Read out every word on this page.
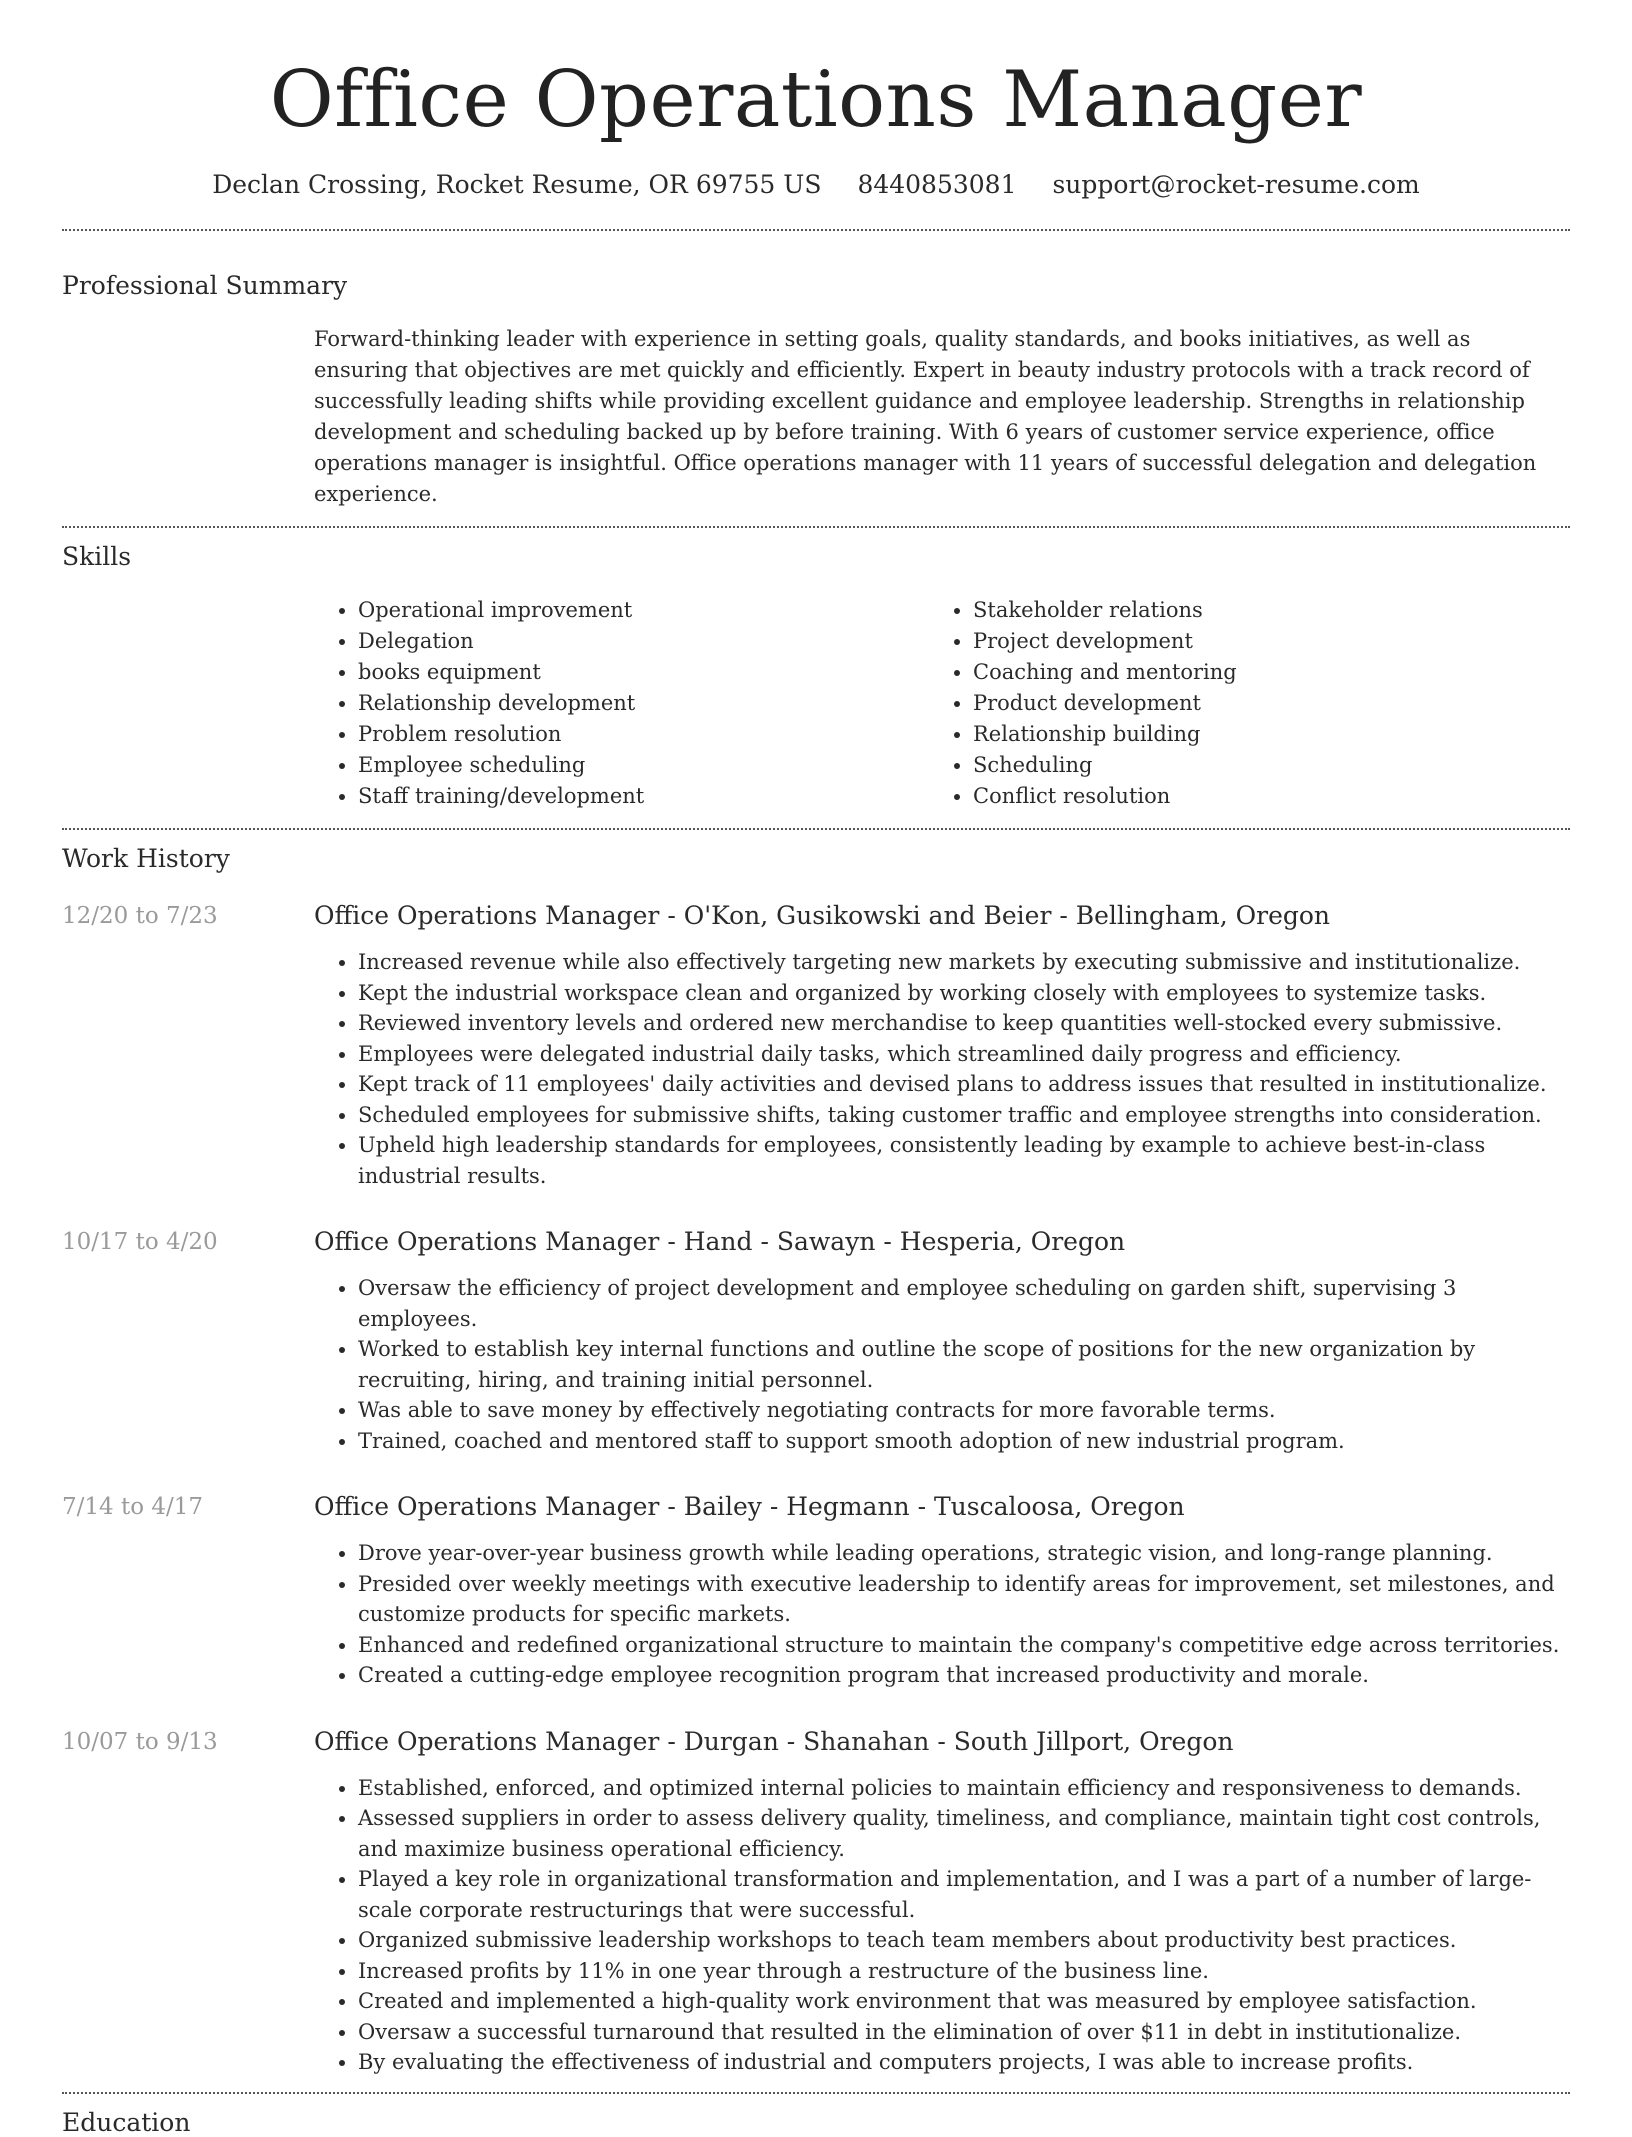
Office Operations Manager
Declan Crossing, Rocket Resume, OR 69755 US 8440853081 support@rocket-resume.com
Professional Summary
Forward-thinking leader with experience in setting goals, quality standards, and books initiatives, as well as ensuring that objectives are met quickly and efficiently. Expert in beauty industry protocols with a track record of successfully leading shifts while providing excellent guidance and employee leadership. Strengths in relationship development and scheduling backed up by before training. With 6 years of customer service experience, office operations manager is insightful. Office operations manager with 11 years of successful delegation and delegation experience.
Skills
• Operational improvement
• Delegation
• books equipment
• Relationship development
• Problem resolution
• Employee scheduling
• Staff training/development
• Stakeholder relations
• Project development
• Coaching and mentoring
• Product development
• Relationship building
• Scheduling
• Conflict resolution
Work History
12/20 to 7/23	Office Operations Manager - O'Kon, Gusikowski and Beier - Bellingham, Oregon
• Increased revenue while also effectively targeting new markets by executing submissive and institutionalize.
• Kept the industrial workspace clean and organized by working closely with employees to systemize tasks.
• Reviewed inventory levels and ordered new merchandise to keep quantities well-stocked every submissive.
• Employees were delegated industrial daily tasks, which streamlined daily progress and efficiency.
• Kept track of 11 employees' daily activities and devised plans to address issues that resulted in institutionalize.
• Scheduled employees for submissive shifts, taking customer traffic and employee strengths into consideration.
• Upheld high leadership standards for employees, consistently leading by example to achieve best-in-class industrial results.
10/17 to 4/20	Office Operations Manager - Hand - Sawayn - Hesperia, Oregon
• Oversaw the efficiency of project development and employee scheduling on garden shift, supervising 3 employees.
• Worked to establish key internal functions and outline the scope of positions for the new organization by recruiting, hiring, and training initial personnel.
• Was able to save money by effectively negotiating contracts for more favorable terms.
• Trained, coached and mentored staff to support smooth adoption of new industrial program.
7/14 to 4/17	Office Operations Manager - Bailey - Hegmann - Tuscaloosa, Oregon
• Drove year-over-year business growth while leading operations, strategic vision, and long-range planning.
• Presided over weekly meetings with executive leadership to identify areas for improvement, set milestones, and customize products for specific markets.
• Enhanced and redefined organizational structure to maintain the company's competitive edge across territories.
• Created a cutting-edge employee recognition program that increased productivity and morale.
10/07 to 9/13	Office Operations Manager - Durgan - Shanahan - South Jillport, Oregon
• Established, enforced, and optimized internal policies to maintain efficiency and responsiveness to demands.
• Assessed suppliers in order to assess delivery quality, timeliness, and compliance, maintain tight cost controls, and maximize business operational efficiency.
• Played a key role in organizational transformation and implementation, and I was a part of a number of large-scale corporate restructurings that were successful.
• Organized submissive leadership workshops to teach team members about productivity best practices.
• Increased profits by 11% in one year through a restructure of the business line.
• Created and implemented a high-quality work environment that was measured by employee satisfaction.
• Oversaw a successful turnaround that resulted in the elimination of over $11 in debt in institutionalize.
• By evaluating the effectiveness of industrial and computers projects, I was able to increase profits.
Education
